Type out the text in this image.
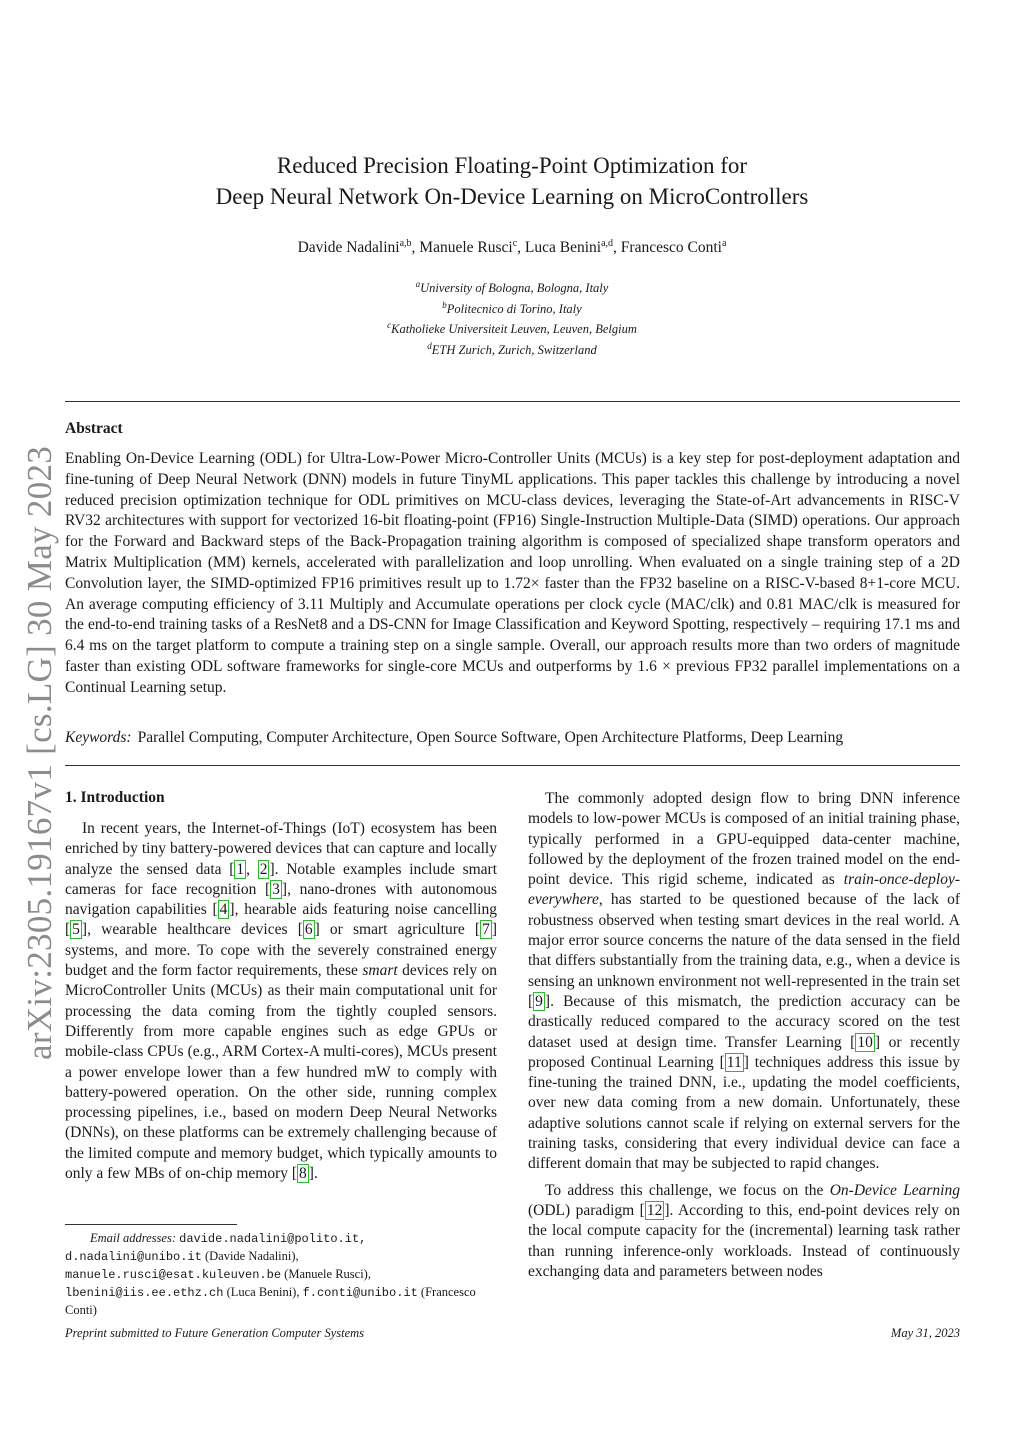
arXiv:2305.19167v1 [cs.LG] 30 May 2023
Reduced Precision Floating-Point Optimization for
Deep Neural Network On-Device Learning on MicroControllers
Davide Nadalini$^{a,b}$, Manuele Rusci$^c$, Luca Benini$^{a,d}$, Francesco Conti$^a$
$^a$University of Bologna, Bologna, Italy
$^b$Politecnico di Torino, Italy
$^c$Katholieke Universiteit Leuven, Leuven, Belgium
$^d$ETH Zurich, Zurich, Switzerland
Abstract
Enabling On-Device Learning (ODL) for Ultra-Low-Power Micro-Controller Units (MCUs) is a key step for post-deployment adaptation and fine-tuning of Deep Neural Network (DNN) models in future TinyML applications. This paper tackles this challenge by introducing a novel reduced precision optimization technique for ODL primitives on MCU-class devices, leveraging the State-of-Art advancements in RISC-V RV32 architectures with support for vectorized 16-bit floating-point (FP16) Single-Instruction Multiple-Data (SIMD) operations. Our approach for the Forward and Backward steps of the Back-Propagation training algorithm is composed of specialized shape transform operators and Matrix Multiplication (MM) kernels, accelerated with parallelization and loop unrolling. When evaluated on a single training step of a 2D Convolution layer, the SIMD-optimized FP16 primitives result up to 1.72× faster than the FP32 baseline on a RISC-V-based 8+1-core MCU. An average computing efficiency of 3.11 Multiply and Accumulate operations per clock cycle (MAC/clk) and 0.81 MAC/clk is measured for the end-to-end training tasks of a ResNet8 and a DS-CNN for Image Classification and Keyword Spotting, respectively – requiring 17.1 ms and 6.4 ms on the target platform to compute a training step on a single sample. Overall, our approach results more than two orders of magnitude faster than existing ODL software frameworks for single-core MCUs and outperforms by 1.6 × previous FP32 parallel implementations on a Continual Learning setup.
Keywords: Parallel Computing, Computer Architecture, Open Source Software, Open Architecture Platforms, Deep Learning
1. Introduction

In recent years, the Internet-of-Things (IoT) ecosystem has been enriched by tiny battery-powered devices that can capture and locally analyze the sensed data [ 1 , 2 ]. Notable examples include smart cameras for face recognition [ 3 ], nano-drones with autonomous navigation capabilities [ 4 ], hearable aids featuring noise cancelling [ 5 ], wearable healthcare devices [ 6 ] or smart agriculture [ 7 ] systems, and more. To cope with the severely constrained energy budget and the form factor requirements, these smart devices rely on MicroController Units (MCUs) as their main computational unit for processing the data coming from the tightly coupled sensors. Differently from more capable engines such as edge GPUs or mobile-class CPUs (e.g., ARM Cortex-A multi-cores), MCUs present a power envelope lower than a few hundred mW to comply with battery-powered operation. On the other side, running complex processing pipelines, i.e., based on modern Deep Neural Networks (DNNs), on these platforms can be extremely challenging because of the limited compute and memory budget, which typically amounts to only a few MBs of on-chip memory [ 8 ].

The commonly adopted design flow to bring DNN inference models to low-power MCUs is composed of an initial training phase, typically performed in a GPU-equipped data-center machine, followed by the deployment of the frozen trained model on the end-point device. This rigid scheme, indicated as train-once-deploy-everywhere, has started to be questioned because of the lack of robustness observed when testing smart devices in the real world. A major error source concerns the nature of the data sensed in the field that differs substantially from the training data, e.g., when a device is sensing an unknown environment not well-represented in the train set [ 9 ]. Because of this mismatch, the prediction accuracy can be drastically reduced compared to the accuracy scored on the test dataset used at design time. Transfer Learning [ 10 ] or recently proposed Continual Learning [ 11 ] techniques address this issue by fine-tuning the trained DNN, i.e., updating the model coefficients, over new data coming from a new domain. Unfortunately, these adaptive solutions cannot scale if relying on external servers for the training tasks, considering that every individual device can face a different domain that may be subjected to rapid changes.

To address this challenge, we focus on the On-Device Learning (ODL) paradigm [ 12 ]. According to this, end-point devices rely on the local compute capacity for the (incremental) learning task rather than running inference-only workloads. Instead of continuously exchanging data and parameters between nodes

Email addresses: davide.nadalini@polito.it,
d.nadalini@unibo.it (Davide Nadalini),
manuele.rusci@esat.kuleuven.be (Manuele Rusci),
lbenini@iis.ee.ethz.ch (Luca Benini), f.conti@unibo.it (Francesco Conti)
Preprint submitted to Future Generation Computer Systems	May 31, 2023
